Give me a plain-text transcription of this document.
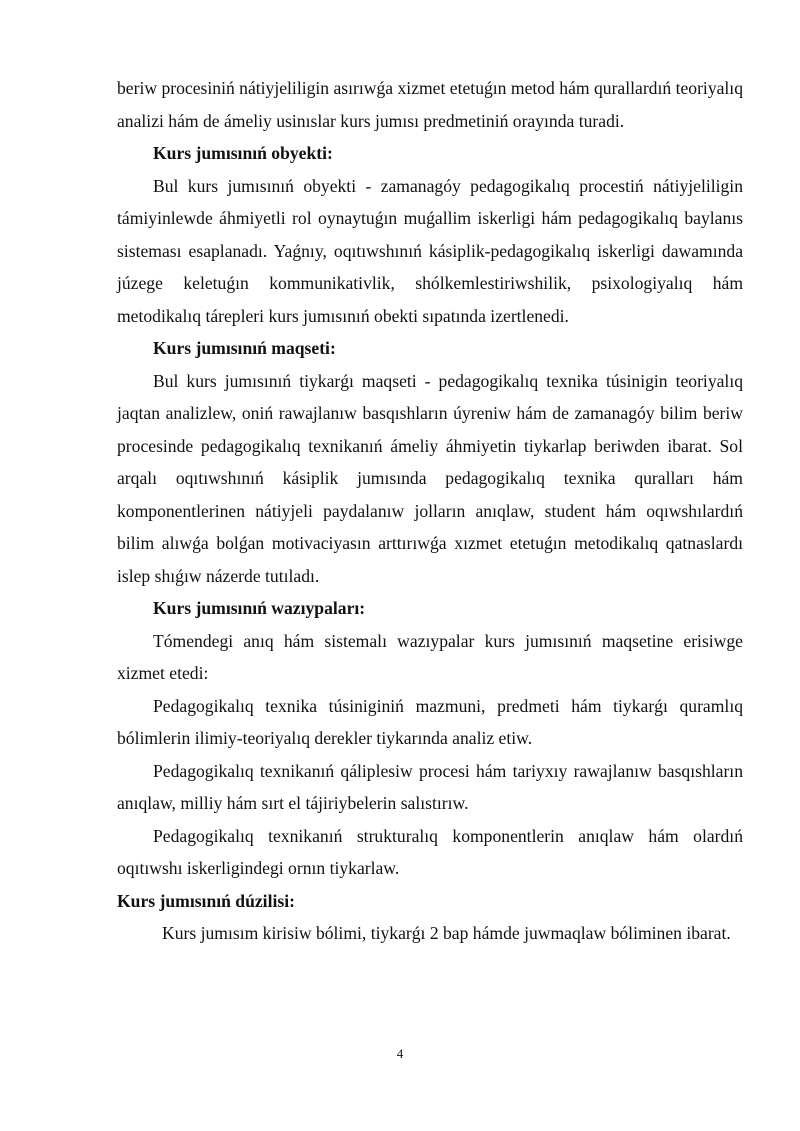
beriw procesiniń nátiyjeliligin asırıwǵa xizmet etetuǵın metod hám qurallardıń teoriyalıq analizi hám de ámeliy usinıslar kurs jumısı predmetiniń orayında turadi.

Kurs jumısınıń obyekti:

Bul kurs jumısınıń obyekti - zamanagóy pedagogikalıq procestiń nátiyjeliligin támiyinlewde áhmiyetli rol oynaytuǵın muǵallim iskerligi hám pedagogikalıq baylanıs sisteması esaplanadı. Yaǵnıy, oqıtıwshınıń kásiplik-pedagogikalıq iskerligi dawamında júzege keletuǵın kommunikativlik, shólkemlestiriwshilik, psixologiyalıq hám metodikalıq tárepleri kurs jumısınıń obekti sıpatında izertlenedi.

Kurs jumısınıń maqseti:

Bul kurs jumısınıń tiykarǵı maqseti - pedagogikalıq texnika túsinigin teoriyalıq jaqtan analizlew, oniń rawajlanıw basqıshların úyreniw hám de zamanagóy bilim beriw procesinde pedagogikalıq texnikanıń ámeliy áhmiyetin tiykarlap beriwden ibarat. Sol arqalı oqıtıwshınıń kásiplik jumısında pedagogikalıq texnika quralları hám komponentlerinen nátiyjeli paydalanıw jolların anıqlaw, student hám oqıwshılardıń bilim alıwǵa bolǵan motivaciyasın arttırıwǵa xızmet etetuǵın metodikalıq qatnaslardı islep shıǵıw názerde tutıladı.

Kurs jumısınıń wazıypaları:

Tómendegi anıq hám sistemalı wazıypalar kurs jumısınıń maqsetine erisiwge xizmet etedi:

Pedagogikalıq texnika túsiniginiń mazmuni, predmeti hám tiykarǵı quramlıq bólimlerin ilimiy-teoriyalıq derekler tiykarında analiz etiw.

Pedagogikalıq texnikanıń qáliplesiw procesi hám tariyxıy rawajlanıw basqıshların anıqlaw, milliy hám sırt el tájiriybelerin salıstırıw.

Pedagogikalıq texnikanıń strukturalıq komponentlerin anıqlaw hám olardıń oqıtıwshı iskerligindegi ornın tiykarlaw.

Kurs jumısınıń dúzilisi:

Kurs jumısım kirisiw bólimi, tiykarǵı 2 bap hámde juwmaqlaw bóliminen ibarat.

4
